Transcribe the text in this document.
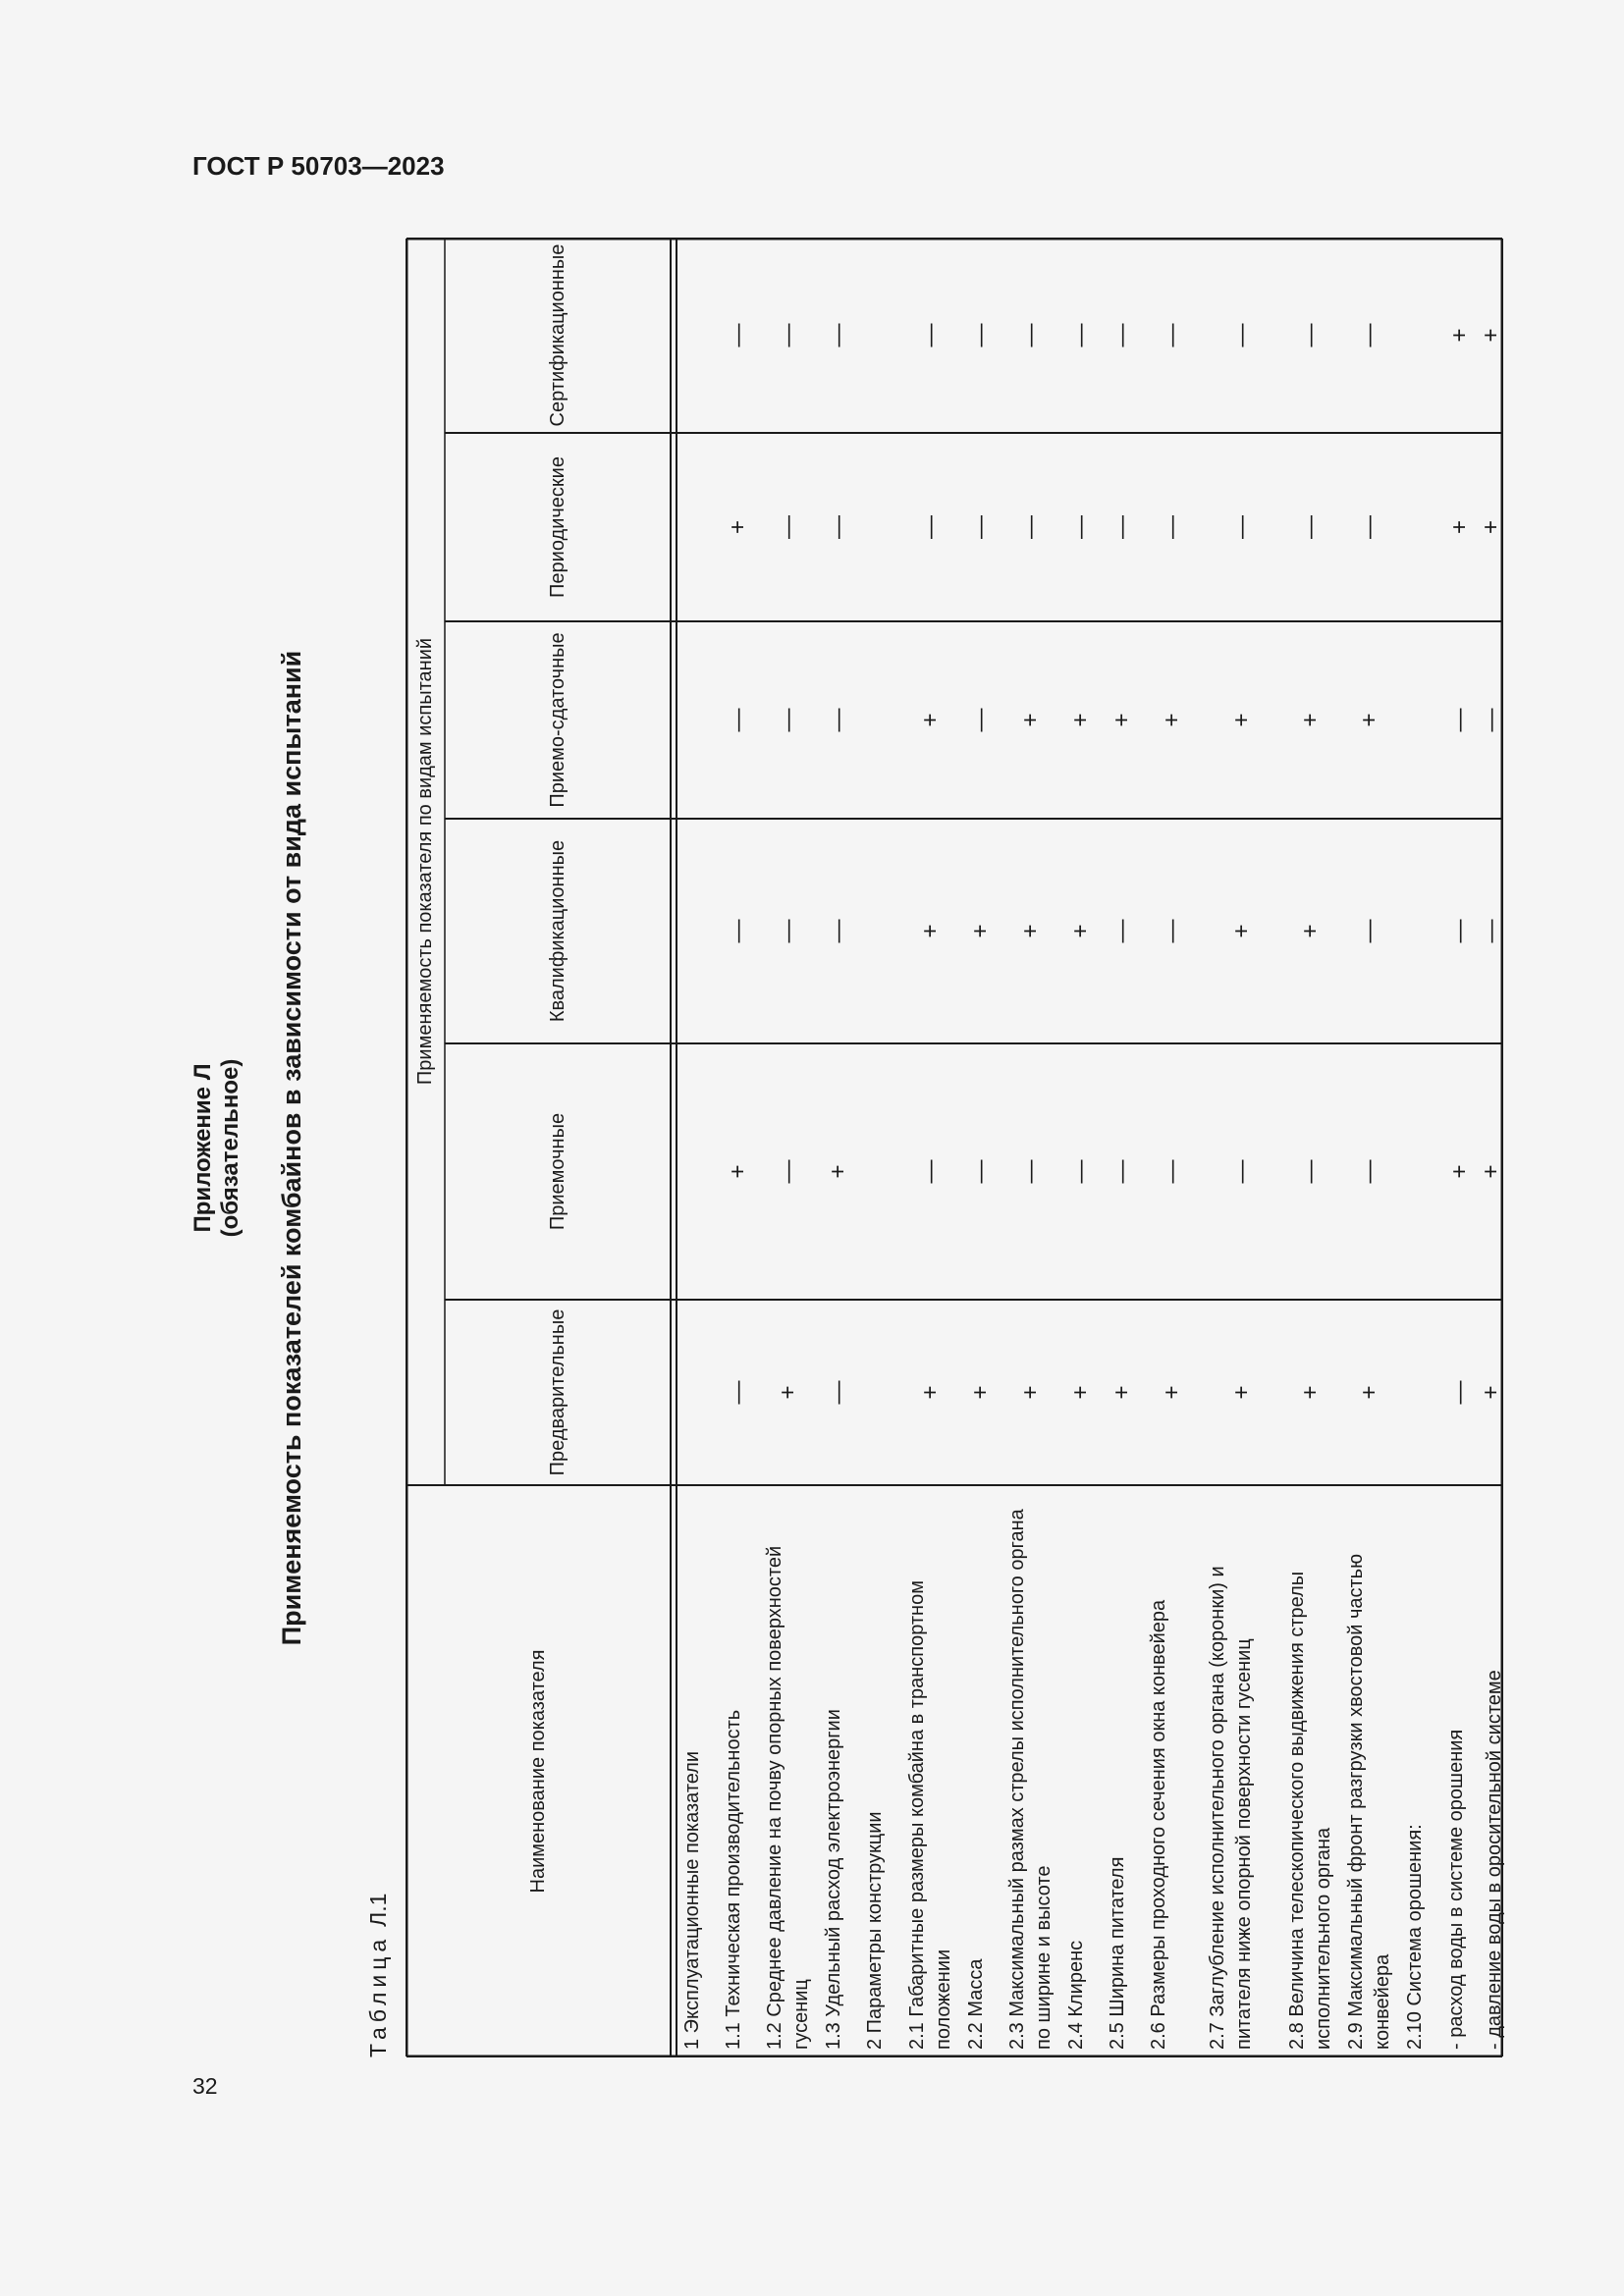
ГОСТ Р 50703—2023
32
Приложение Л (обязательное) Применяемость показателей комбайнов в зависимости от вида испытаний
ТаблицаЛ.1
Наименование показателя
Применяемость показателя по видам испытаний
Предварительные
Приемочные
Квалификационные
Приемо-сдаточные
Периодические
Сертификационные
1 Эксплуатационные показатели 1.1 Техническая производительность
—
+
—
—
+
—
1.2 Среднее давление на почву опорных поверхностей гусениц
+
—
—
—
—
—
1.3 Удельный расход электроэнергии
—
+
—
—
—
—
2 Параметры конструкции 2.1 Габаритные размеры комбайна в транспортном положении
+
—
+
+
—
—
2.2 Масса
+
—
+
—
—
—
2.3 Максимальный размах стрелы исполнительного органа по ширине и высоте
+
—
+
+
—
—
2.4 Клиренс
+
—
+
+
—
—
2.5 Ширина питателя
+
—
—
+
—
—
2.6 Размеры проходного сечения окна конвейера
+
—
—
+
—
—
2.7 Заглубление исполнительного органа (коронки) и питателя ниже опорной поверхности гусениц
+
—
+
+
—
—
2.8 Величина телескопического выдвижения стрелы исполнительного органа
+
—
+
+
—
—
2.9 Максимальный фронт разгрузки хвостовой частью конвейера
+
—
—
+
—
—
2.10 Система орошения: - расход воды в системе орошения
—
+
—
—
+
+
- давление воды в оросительной системе
+
+
—
—
+
+
